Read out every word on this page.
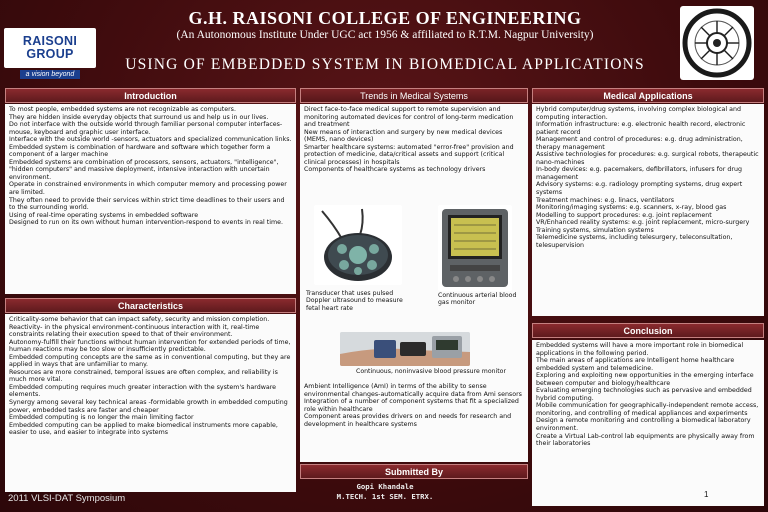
RAISONI GROUP
a vision beyond
G.H. RAISONI COLLEGE OF ENGINEERING
(An Autonomous Institute Under UGC act 1956 & affiliated to R.T.M. Nagpur University)
USING OF EMBEDDED SYSTEM IN BIOMEDICAL APPLICATIONS
Introduction

To most people, embedded systems are not recognizable as computers.

They are hidden inside everyday objects that surround us and help us in our lives.

Do not interface with the outside world through familiar personal computer interfaces-mouse, keyboard and graphic user interface.

Interface with the outside world -sensors, actuators and specialized communication links.

Embedded system is combination of hardware and software which together form a component of a larger machine

Embedded systems are combination of processors, sensors, actuators, "intelligence", "hidden computers" and massive deployment, intensive interaction with uncertain environment.

Operate in constrained environments in which computer memory and processing power are limited.

They often need to provide their services within strict time deadlines to their users and to the surrounding world.

Using of real-time operating systems in embedded software

Designed to run on its own without human intervention-respond to events in real time.

Characteristics

Criticality-some behavior that can impact safety, security and mission completion.

Reactivity- in the physical environment-continuous interaction with it, real-time constraints relating their execution speed to that of their environment.

Autonomy-fulfill their functions without human intervention for extended periods of time, human reactions may be too slow or insufficiently predictable.

Embedded computing concepts are the same as in conventional computing, but they are applied in ways that are unfamiliar to many.

Resources are more constrained, temporal issues are often complex, and reliability is much more vital.

Embedded computing requires much greater interaction with the system's hardware elements.

Synergy among several key technical areas -formidable growth in embedded computing power, embedded tasks are faster and cheaper

Embedded computing is no longer the main limiting factor

Embedded computing can be applied to make biomedical instruments more capable, easier to use, and easier to integrate into systems

Trends in Medical Systems

Direct face-to-face medical support to remote supervision and monitoring automated devices for control of long-term medication and treatment

New means of interaction and surgery by new medical devices (MEMS, nano devices)

Smarter healthcare systems: automated "error-free" provision and protection of medicine, data/critical assets and support (critical clinical processes) in hospitals

Components of healthcare systems as technology drivers

Transducer that uses pulsed Doppler ultrasound to measure fetal heart rate
Continuous arterial blood gas monitor
Continuous, noninvasive blood pressure monitor

Ambient Intelligence (AmI) in terms of the ability to sense environmental changes-automatically acquire data from Ami sensors

Integration of a number of component systems that fit a specialized role within healthcare

Component areas provides drivers on and needs for research and development in healthcare systems

Submitted By
Gopi Khandale
M.TECH. 1st SEM. ETRX.
Medical Applications

Hybrid computer/drug systems, involving complex biological and computing interaction.

Information infrastructure: e.g. electronic health record, electronic patient record

Management and control of procedures: e.g. drug administration, therapy management

Assistive technologies for procedures: e.g. surgical robots, therapeutic nano-machines

In-body devices: e.g. pacemakers, defibrillators, infusers for drug management

Advisory systems: e.g. radiology prompting systems, drug expert systems

Treatment machines: e.g. linacs, ventilators

Monitoring/imaging systems: e.g. scanners, x-ray, blood gas

Modelling to support procedures: e.g. joint replacement

VR/Enhanced reality systems: e.g. joint replacement, micro-surgery

Training systems, simulation systems

Telemedicine systems, including telesurgery, teleconsultation, telesupervision

Conclusion

Embedded systems will have a more important role in biomedical applications in the following period.

The main areas of applications are Intelligent home healthcare embedded system and telemedicine.

Exploring and exploiting new opportunities in the emerging interface between computer and biology/healthcare

Evaluating emerging technologies such as pervasive and embedded hybrid computing.

Mobile communication for geographically-independent remote access, monitoring, and controlling of medical appliances and experiments

Design a remote monitoring and controlling a biomedical laboratory environment.

Create a Virtual Lab-control lab equipments are physically away from their laboratories

1
2011 VLSI-DAT Symposium
